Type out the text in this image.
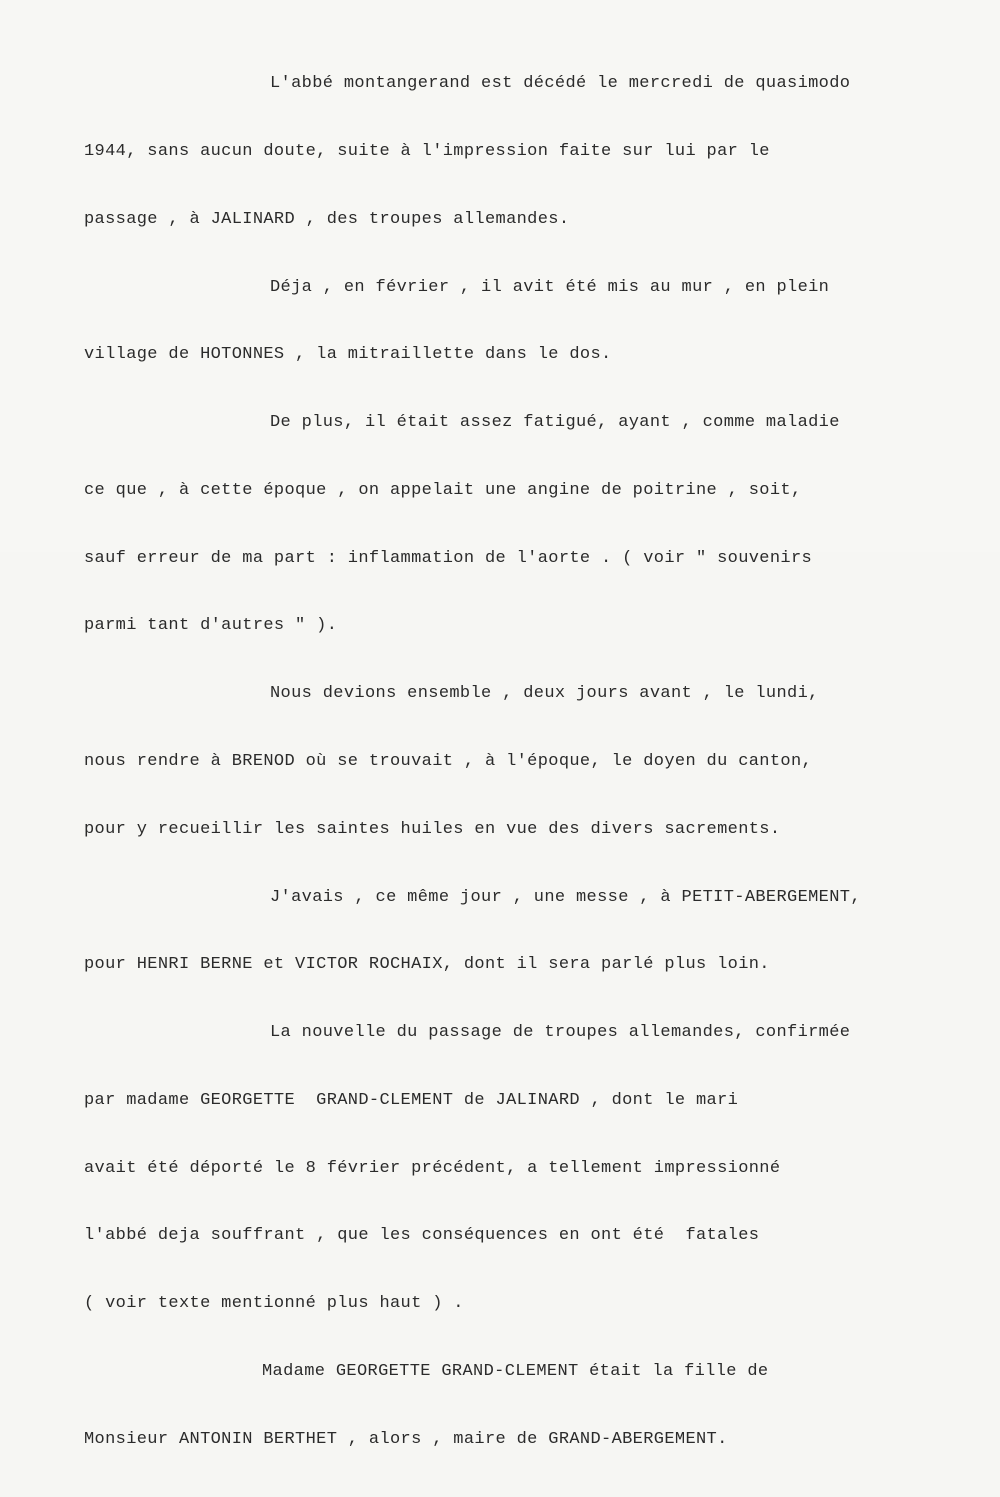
L'abbé montangerand est décédé le mercredi de quasimodo

1944, sans aucun doute, suite à l'impression faite sur lui par le

passage , à JALINARD , des troupes allemandes.

Déja , en février , il avit été mis au mur , en plein

village de HOTONNES , la mitraillette dans le dos.

De plus, il était assez fatigué, ayant , comme maladie

ce que , à cette époque , on appelait une angine de poitrine , soit,

sauf erreur de ma part : inflammation de l'aorte . ( voir " souvenirs

parmi tant d'autres " ).

Nous devions ensemble , deux jours avant , le lundi,

nous rendre à BRENOD où se trouvait , à l'époque, le doyen du canton,

pour y recueillir les saintes huiles en vue des divers sacrements.

J'avais , ce même jour , une messe , à PETIT-ABERGEMENT,

pour HENRI BERNE et VICTOR ROCHAIX, dont il sera parlé plus loin.

La nouvelle du passage de troupes allemandes, confirmée

par madame GEORGETTE  GRAND-CLEMENT de JALINARD , dont le mari

avait été déporté le 8 février précédent, a tellement impressionné

l'abbé deja souffrant , que les conséquences en ont été  fatales

( voir texte mentionné plus haut ) .

Madame GEORGETTE GRAND-CLEMENT était la fille de

Monsieur ANTONIN BERTHET , alors , maire de GRAND-ABERGEMENT.
